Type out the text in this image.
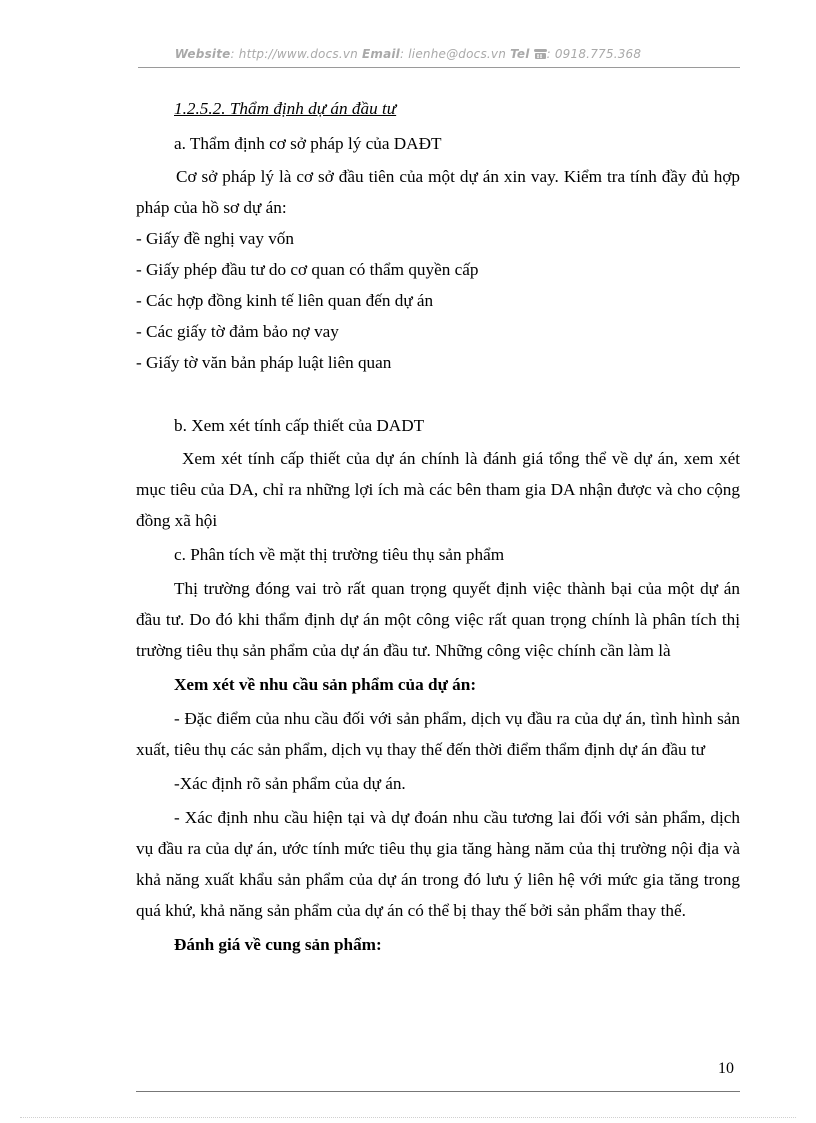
Website: http://www.docs.vn Email: lienhe@docs.vn Tel : 0918.775.368

1.2.5.2. Thẩm định dự án đầu tư

a. Thẩm định cơ sở pháp lý của DAĐT

Cơ sở pháp lý là cơ sở đầu tiên của một dự án xin vay. Kiểm tra tính đầy đủ hợp pháp của hồ sơ dự án:

- Giấy đề nghị vay vốn

- Giấy phép đầu tư do cơ quan có thẩm quyền cấp

- Các hợp đồng kinh tế liên quan đến dự án

- Các giấy tờ đảm bảo nợ vay

- Giấy tờ văn bản pháp luật liên quan

b. Xem xét tính cấp thiết của DADT

Xem xét tính cấp thiết của dự án chính là đánh giá tổng thể về dự án, xem xét mục tiêu của DA, chỉ ra những lợi ích mà các bên tham gia DA nhận được và cho cộng đồng xã hội

c. Phân tích về mặt thị trường tiêu thụ sản phẩm

Thị trường đóng vai trò rất quan trọng quyết định việc thành bại của một dự án đầu tư. Do đó khi thẩm định dự án một công việc rất quan trọng chính là phân tích thị trường tiêu thụ sản phẩm của dự án đầu tư. Những công việc chính cần làm là

Xem xét về nhu cầu sản phẩm của dự án:

- Đặc điểm của nhu cầu đối với sản phẩm, dịch vụ đầu ra của dự án, tình hình sản xuất, tiêu thụ các sản phẩm, dịch vụ thay thế đến thời điểm thẩm định dự án đầu tư

-Xác định rõ sản phẩm của dự án.

- Xác định nhu cầu hiện tại và dự đoán nhu cầu tương lai đối với sản phẩm, dịch vụ đầu ra của dự án, ước tính mức tiêu thụ gia tăng hàng năm của thị trường nội địa và khả năng xuất khẩu sản phẩm của dự án trong đó lưu ý liên hệ với mức gia tăng trong quá khứ, khả năng sản phẩm của dự án có thể bị thay thế bởi sản phẩm thay thế.

Đánh giá về cung sản phẩm:

10
